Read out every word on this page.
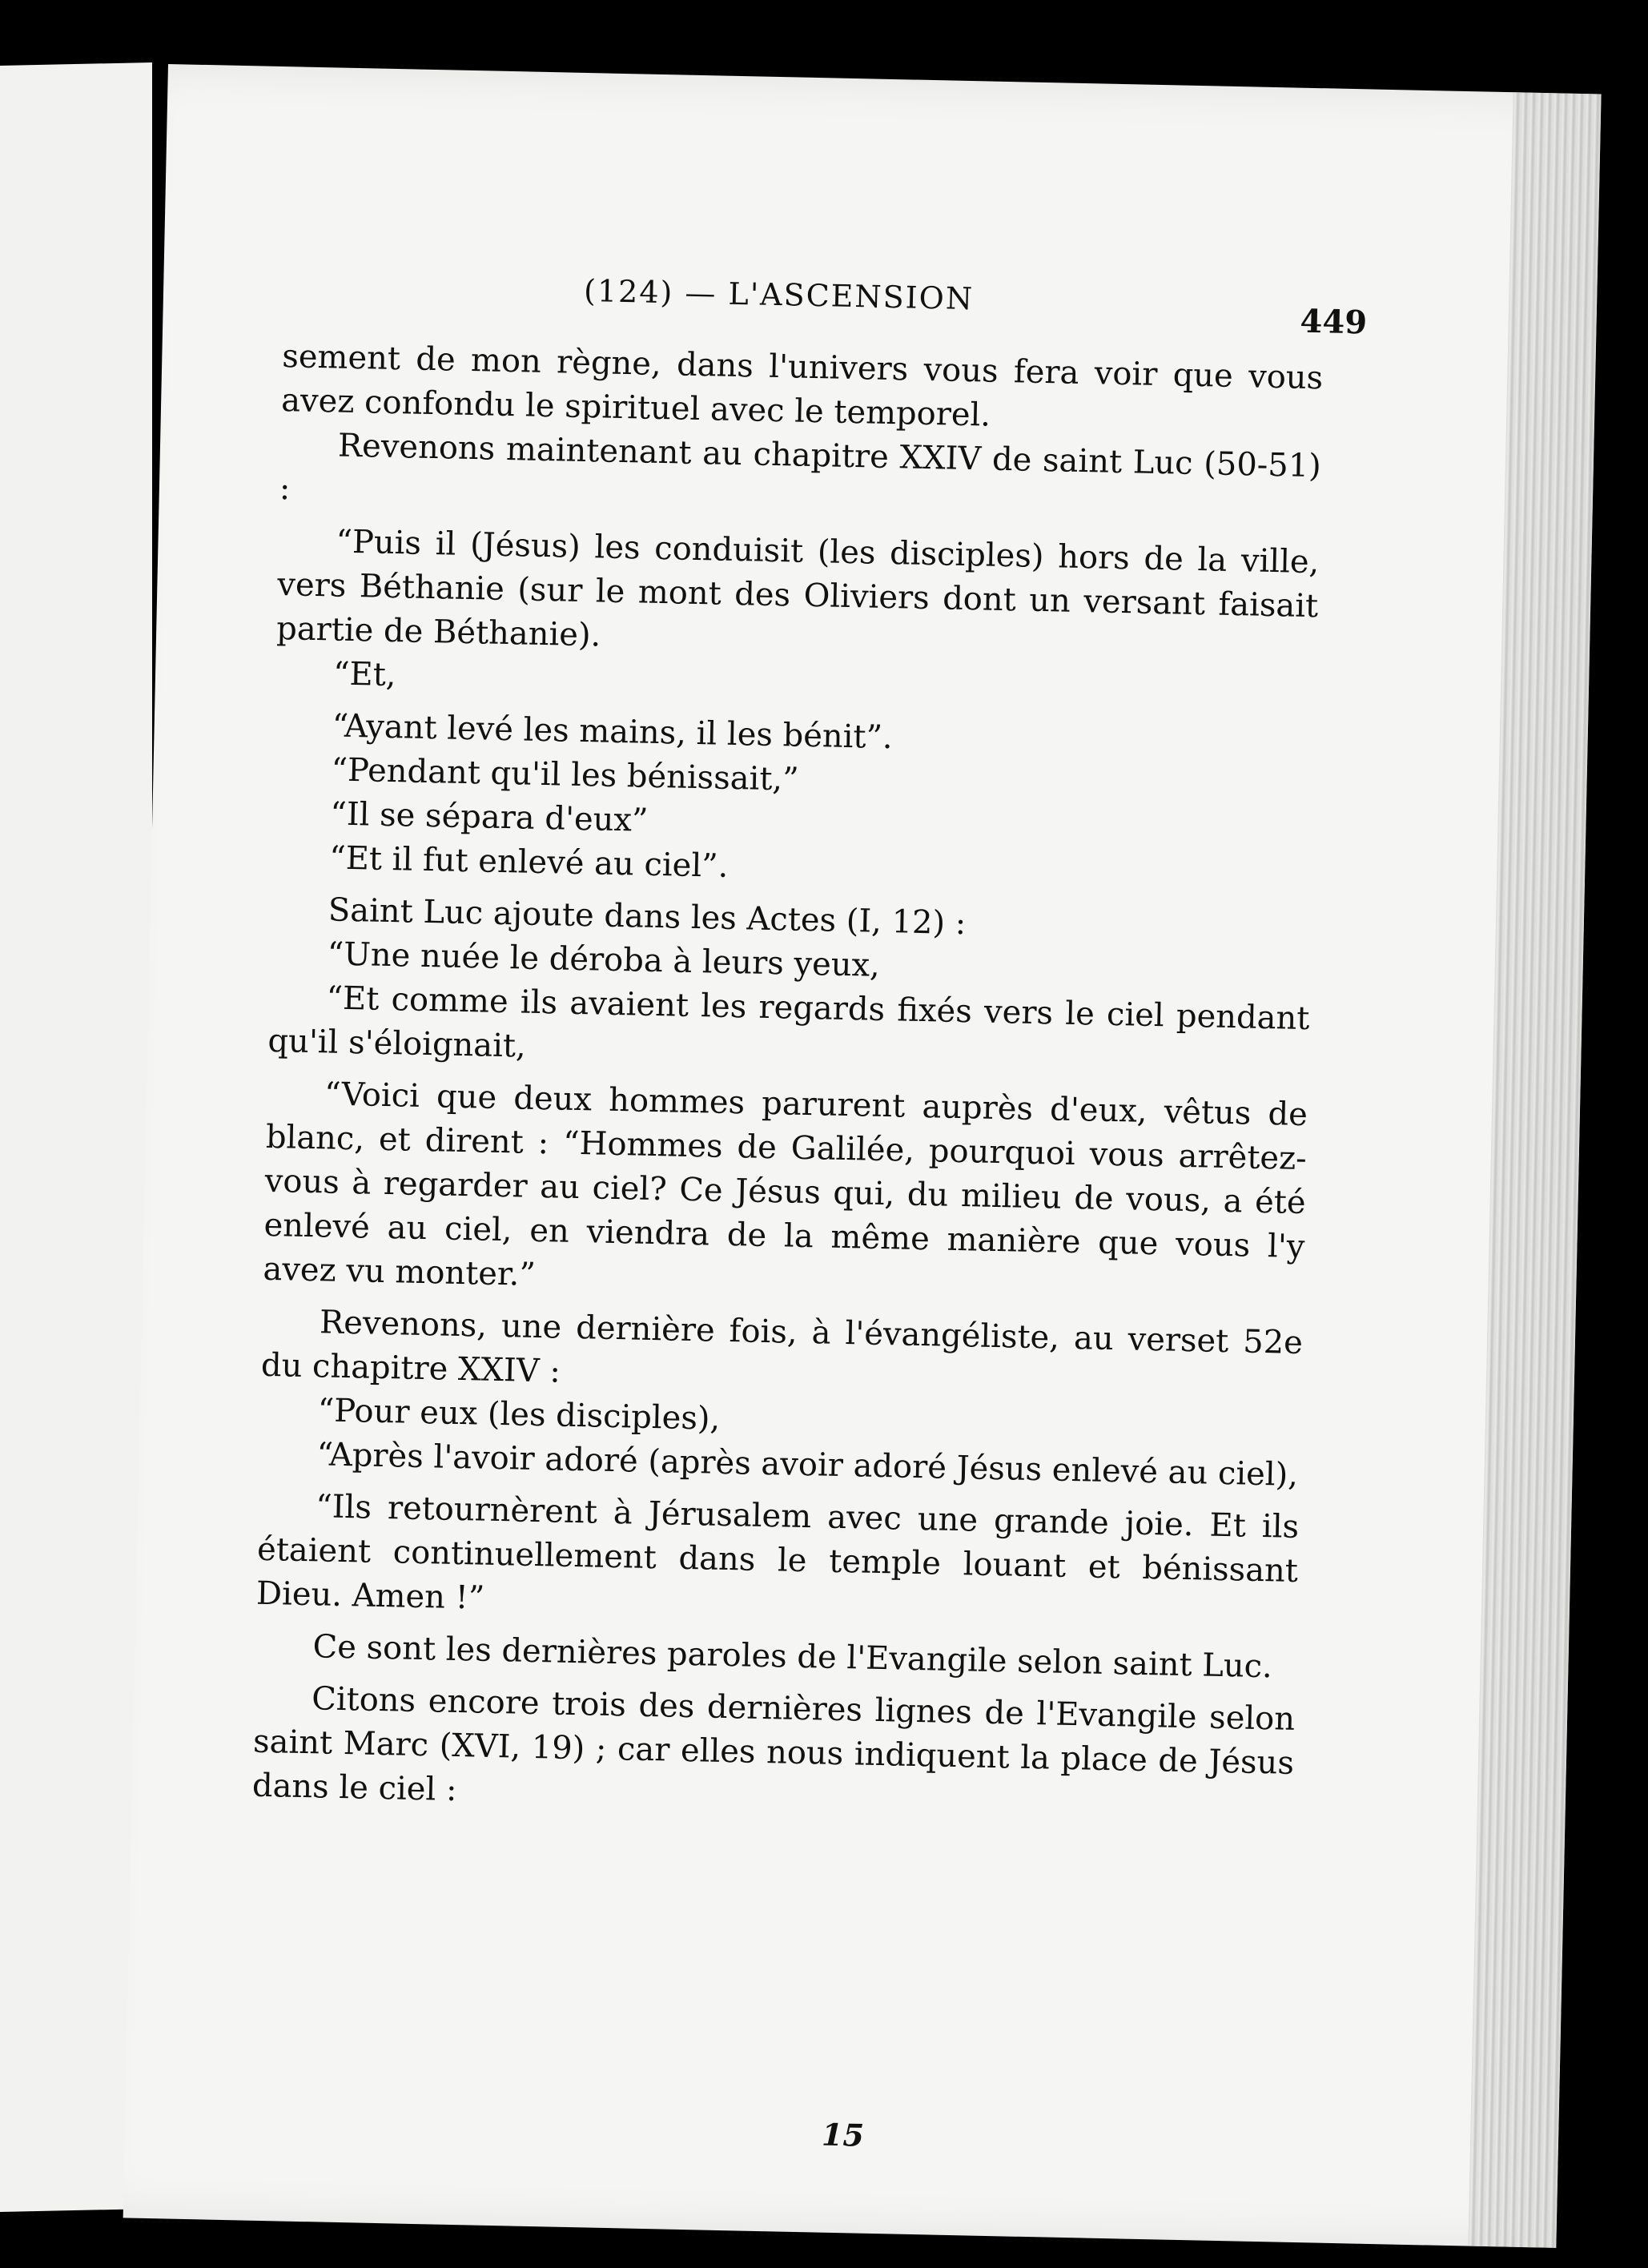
(124) — L'ASCENSION
449

sement de mon règne, dans l'univers vous fera voir que vous avez confondu le spirituel avec le temporel.

Revenons maintenant au chapitre XXIV de saint Luc (50-51) :

“Puis il (Jésus) les conduisit (les disciples) hors de la ville, vers Béthanie (sur le mont des Oliviers dont un versant faisait partie de Béthanie).

“Et,

“Ayant levé les mains, il les bénit”.

“Pendant qu'il les bénissait,”

“Il se sépara d'eux”

“Et il fut enlevé au ciel”.

Saint Luc ajoute dans les Actes (I, 12) :

“Une nuée le déroba à leurs yeux,

“Et comme ils avaient les regards fixés vers le ciel pendant qu'il s'éloignait,

“Voici que deux hommes parurent auprès d'eux, vêtus de blanc, et dirent : “Hommes de Galilée, pourquoi vous arrêtez-vous à regarder au ciel? Ce Jésus qui, du milieu de vous, a été enlevé au ciel, en viendra de la même manière que vous l'y avez vu monter.”

Revenons, une dernière fois, à l'évangéliste, au verset 52e du chapitre XXIV :

“Pour eux (les disciples),

“Après l'avoir adoré (après avoir adoré Jésus enlevé au ciel),

“Ils retournèrent à Jérusalem avec une grande joie. Et ils étaient continuellement dans le temple louant et bénissant Dieu. Amen !”

Ce sont les dernières paroles de l'Evangile selon saint Luc.

Citons encore trois des dernières lignes de l'Evangile selon saint Marc (XVI, 19) ; car elles nous indiquent la place de Jésus dans le ciel :

15
